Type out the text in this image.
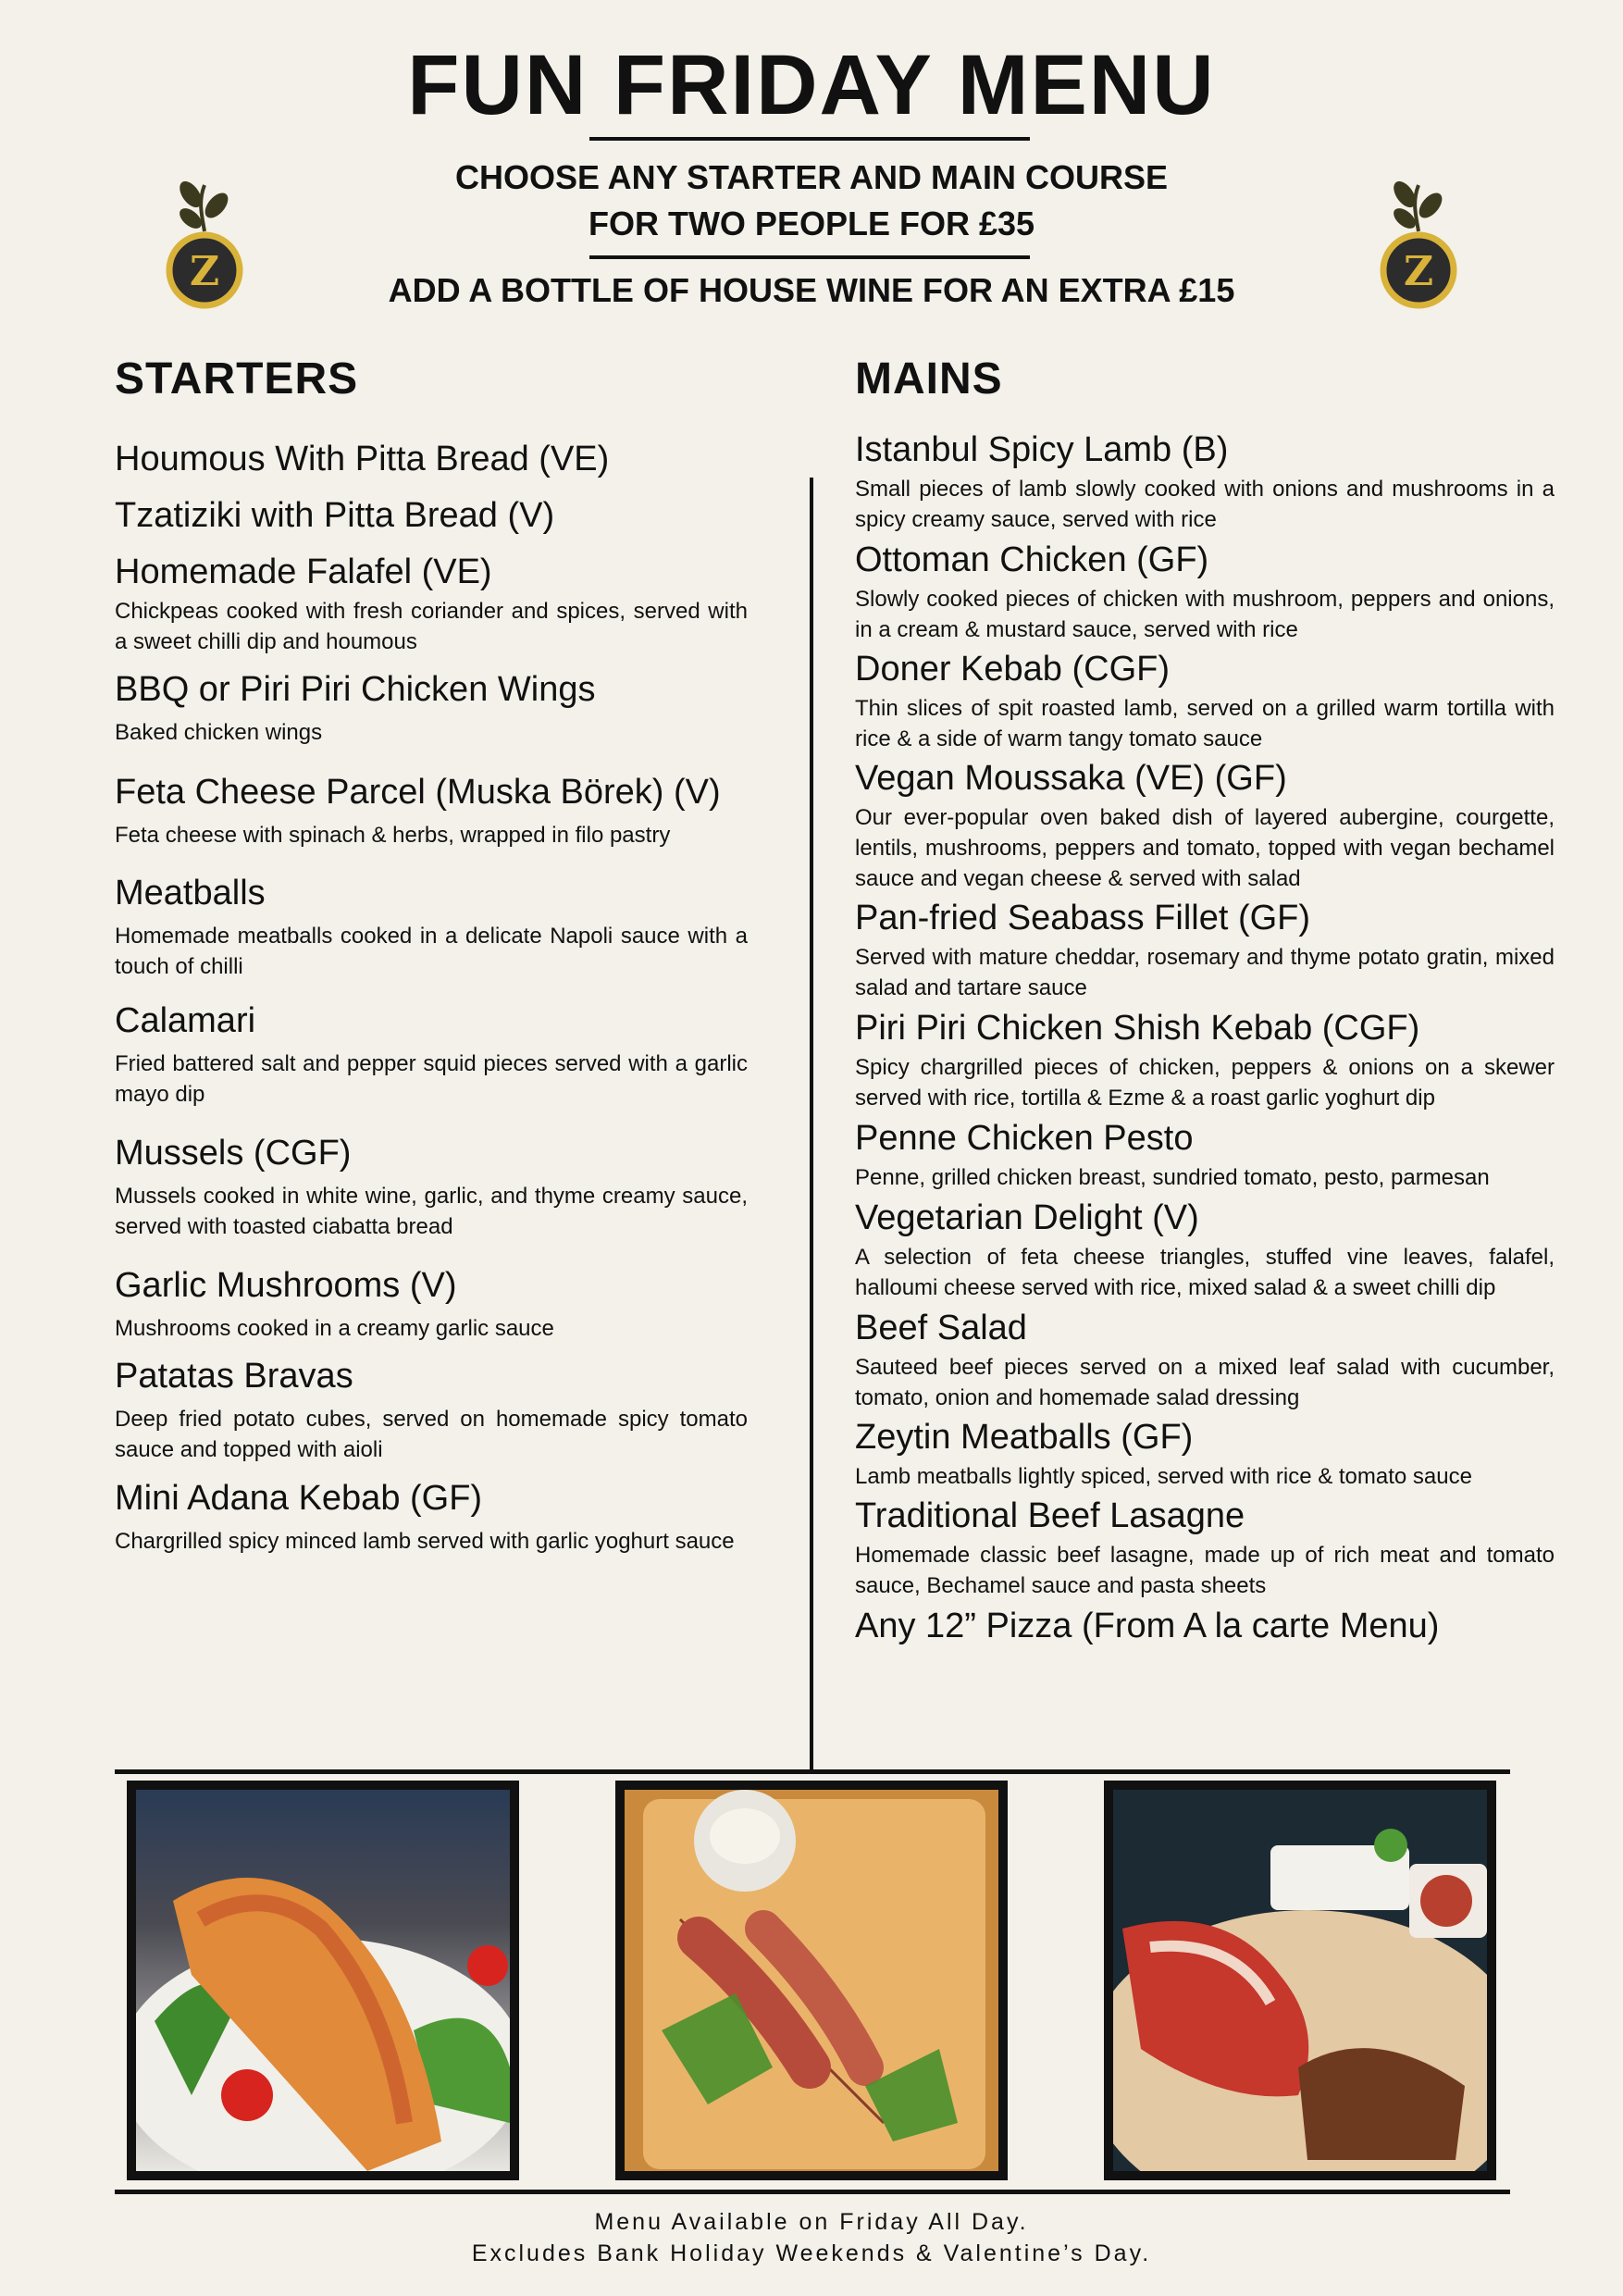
FUN FRIDAY MENU
CHOOSE ANY STARTER AND MAIN COURSE
FOR TWO PEOPLE FOR £35
ADD A BOTTLE OF HOUSE WINE FOR AN EXTRA £15
Z	Z
STARTERS	MAINS
Houmous With Pitta Bread (VE)
Tzatiziki with Pitta Bread (V)
Homemade Falafel (VE)
Chickpeas cooked with fresh coriander and spices, served with a sweet chilli dip and houmous
BBQ or Piri Piri Chicken Wings
Baked chicken wings
Feta Cheese Parcel (Muska Börek) (V)
Feta cheese with spinach & herbs, wrapped in filo pastry
Meatballs
Homemade meatballs cooked in a delicate Napoli sauce with a touch of chilli
Calamari
Fried battered salt and pepper squid pieces served with a garlic mayo dip
Mussels (CGF)
Mussels cooked in white wine, garlic, and thyme creamy sauce, served with toasted ciabatta bread
Garlic Mushrooms (V)
Mushrooms cooked in a creamy garlic sauce
Patatas Bravas
Deep fried potato cubes, served on homemade spicy tomato sauce and topped with aioli
Mini Adana Kebab (GF)
Chargrilled spicy minced lamb served with garlic yoghurt sauce
Istanbul Spicy Lamb (B)
Small pieces of lamb slowly cooked with onions and mushrooms in a spicy creamy sauce, served with rice
Ottoman Chicken (GF)
Slowly cooked pieces of chicken with mushroom, peppers and onions, in a cream & mustard sauce, served with rice
Doner Kebab (CGF)
Thin slices of spit roasted lamb, served on a grilled warm tortilla with rice & a side of warm tangy tomato sauce
Vegan Moussaka (VE) (GF)
Our ever-popular oven baked dish of layered aubergine, courgette, lentils, mushrooms, peppers and tomato, topped with vegan bechamel sauce and vegan cheese & served with salad
Pan-fried Seabass Fillet (GF)
Served with mature cheddar, rosemary and thyme potato gratin, mixed salad and tartare sauce
Piri Piri Chicken Shish Kebab (CGF)
Spicy chargrilled pieces of chicken, peppers & onions on a skewer served with rice, tortilla & Ezme & a roast garlic yoghurt dip
Penne Chicken Pesto
Penne, grilled chicken breast, sundried tomato, pesto, parmesan
Vegetarian Delight (V)
A selection of feta cheese triangles, stuffed vine leaves, falafel, halloumi cheese served with rice, mixed salad & a sweet chilli dip
Beef Salad
Sauteed beef pieces served on a mixed leaf salad with cucumber, tomato, onion and homemade salad dressing
Zeytin Meatballs (GF)
Lamb meatballs lightly spiced, served with rice & tomato sauce
Traditional Beef Lasagne
Homemade classic beef lasagne, made up of rich meat and tomato sauce, Bechamel sauce and pasta sheets
Any 12” Pizza (From A la carte Menu)
Menu Available on Friday All Day.
Excludes Bank Holiday Weekends & Valentine’s Day.
